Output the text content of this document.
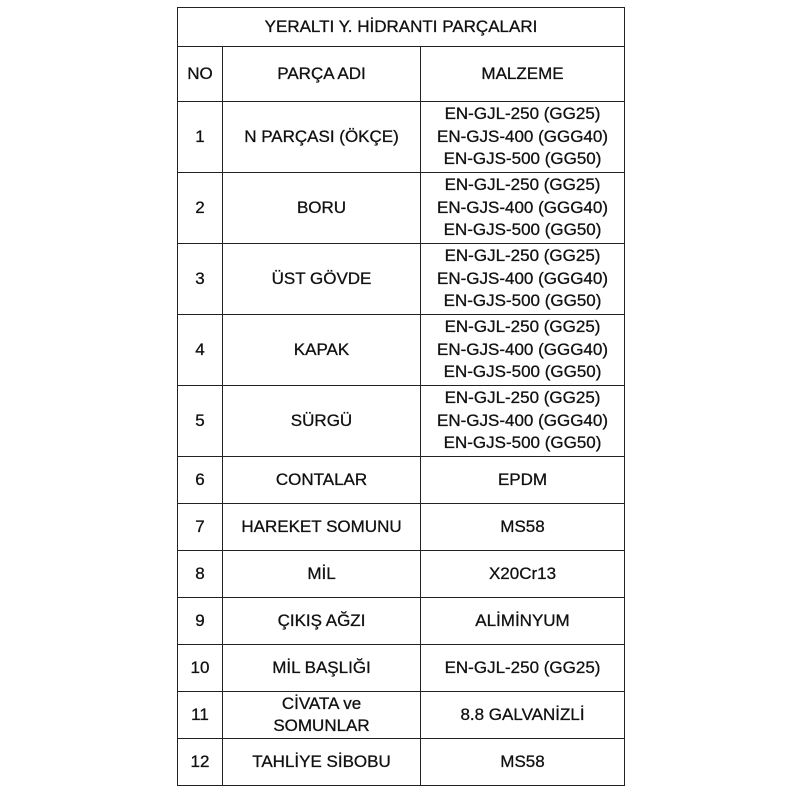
YERALTI Y. HİDRANTI PARÇALARI		
NO	PARÇA ADI	MALZEME
1	N PARÇASI (ÖKÇE)	EN-GJL-250 (GG25)
EN-GJS-400 (GGG40)
EN-GJS-500 (GG50)

2	BORU	EN-GJL-250 (GG25)
EN-GJS-400 (GGG40)
EN-GJS-500 (GG50)

3	ÜST GÖVDE	EN-GJL-250 (GG25)
EN-GJS-400 (GGG40)
EN-GJS-500 (GG50)

4	KAPAK	EN-GJL-250 (GG25)
EN-GJS-400 (GGG40)
EN-GJS-500 (GG50)

5	SÜRGÜ	EN-GJL-250 (GG25)
EN-GJS-400 (GGG40)
EN-GJS-500 (GG50)

6	CONTALAR	EPDM

7	HAREKET SOMUNU	MS58

8	MİL	X20Cr13

9	ÇIKIŞ AĞZI	ALİMİNYUM

10	MİL BAŞLIĞI	EN-GJL-250 (GG25)

11	CİVATA ve
SOMUNLAR	8.8 GALVANİZLİ

12	TAHLİYE SİBOBU	MS58
